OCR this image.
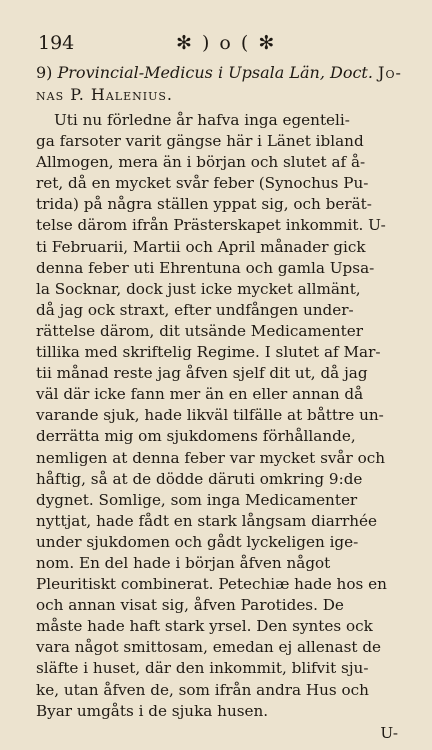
194	✻ ) o ( ✻
9) Provincial-Medicus i Upsala Län, Doct. Jo-
nas P. Halenius.
Uti nu förledne år hafva inga egenteli-
ga farsoter varit gängse här i Länet ibland
Allmogen, mera än i början och slutet af å-
ret, då en mycket svår feber (Synochus Pu-
trida) på några ställen yppat sig, och berät-
telse därom ifrån Prästerskapet inkommit. U-
ti Februarii, Martii och April månader gick
denna feber uti Ehrentuna och gamla Upsa-
la Socknar, dock just icke mycket allmänt,
då jag ock straxt, efter undfången under-
rättelse därom, dit utsände Medicamenter
tillika med skriftelig Regime. I slutet af Mar-
tii månad reste jag åfven sjelf dit ut, då jag
väl där icke fann mer än en eller annan då
varande sjuk, hade likväl tilfälle at båttre un-
derrätta mig om sjukdomens förhållande,
nemligen at denna feber var mycket svår och
håftig, så at de dödde däruti omkring 9:de
dygnet. Somlige, som inga Medicamenter
nyttjat, hade fådt en stark långsam diarrhée
under sjukdomen och gådt lyckeligen ige-
nom. En del hade i början åfven något
Pleuritiskt combinerat. Petechiæ hade hos en
och annan visat sig, åfven Parotides. De
måste hade haft stark yrsel. Den syntes ock
vara något smittosam, emedan ej allenast de
släfte i huset, där den inkommit, blifvit sju-
ke, utan åfven de, som ifrån andra Hus och
Byar umgåts i de sjuka husen.
U-
